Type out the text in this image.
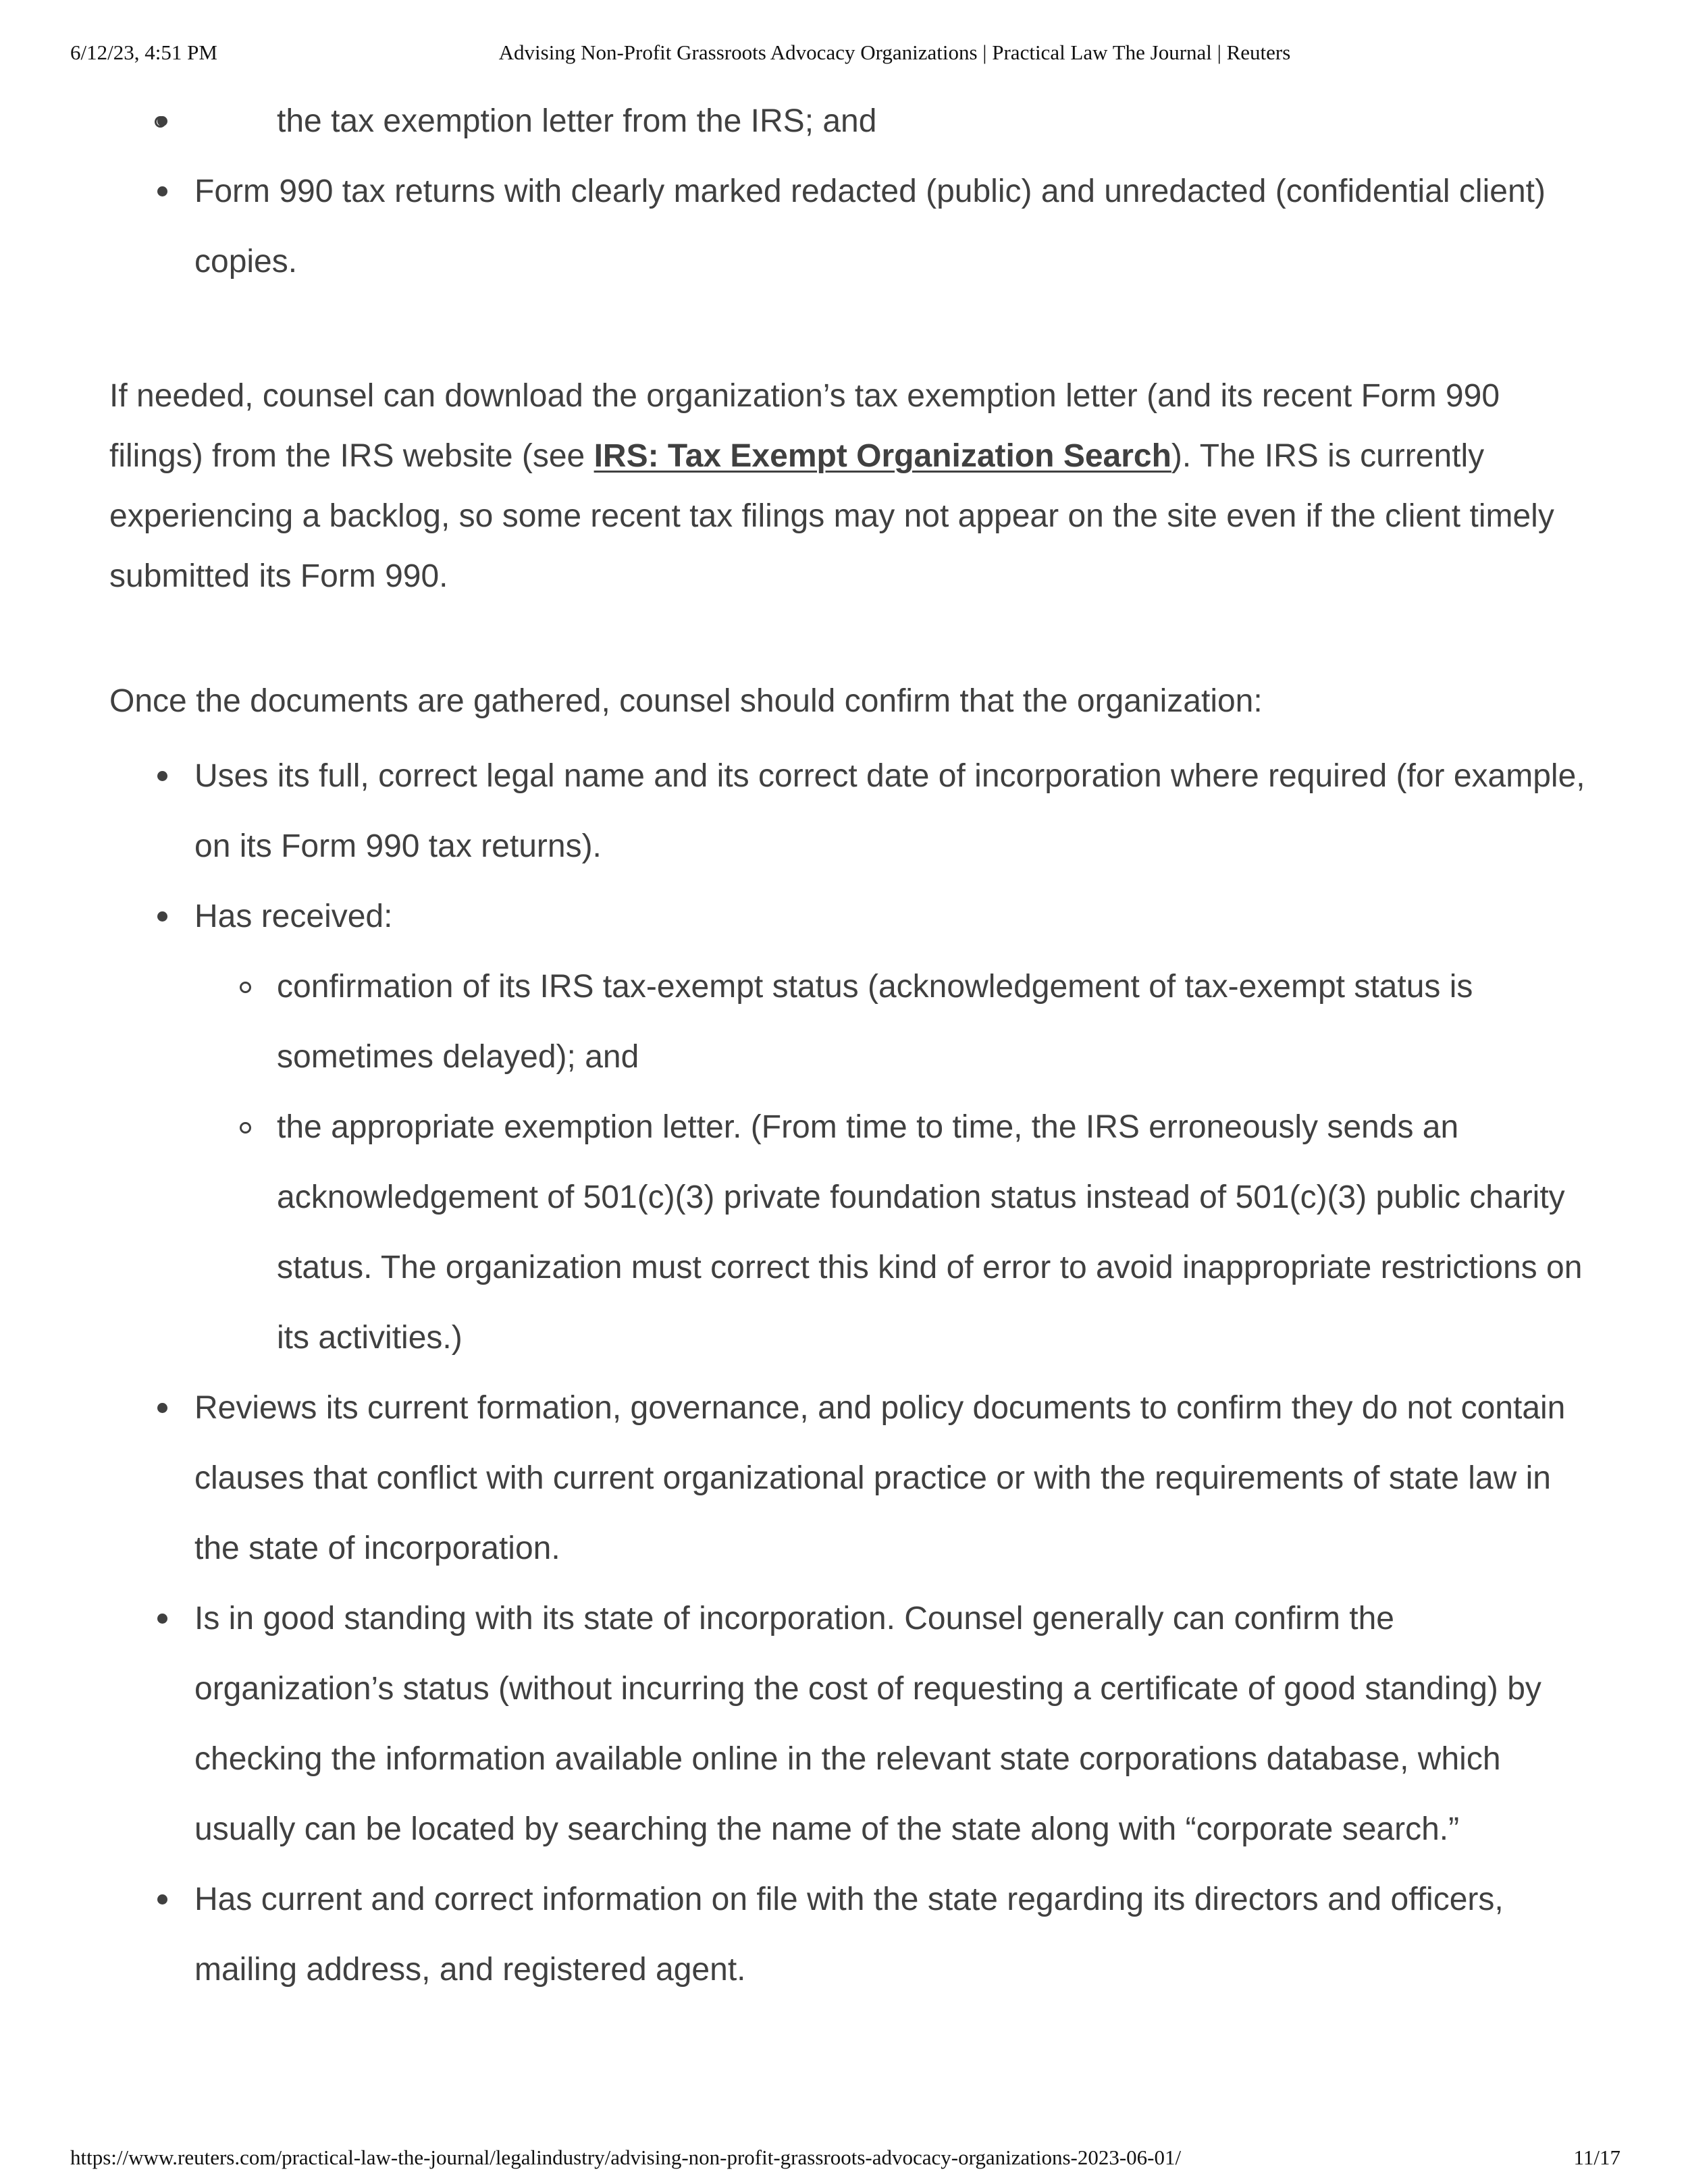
6/12/23, 4:51 PM	Advising Non-Profit Grassroots Advocacy Organizations | Practical Law The Journal | Reuters
the tax exemption letter from the IRS; and
Form 990 tax returns with clearly marked redacted (public) and unredacted (confidential client) copies.

If needed, counsel can download the organization’s tax exemption letter (and its recent Form 990 filings) from the IRS website (see IRS: Tax Exempt Organization Search). The IRS is currently experiencing a backlog, so some recent tax filings may not appear on the site even if the client timely submitted its Form 990.

Once the documents are gathered, counsel should confirm that the organization:

Uses its full, correct legal name and its correct date of incorporation where required (for example, on its Form 990 tax returns).
Has received:
confirmation of its IRS tax-exempt status (acknowledgement of tax-exempt status is sometimes delayed); and
the appropriate exemption letter. (From time to time, the IRS erroneously sends an acknowledgement of 501(c)(3) private foundation status instead of 501(c)(3) public charity status. The organization must correct this kind of error to avoid inappropriate restrictions on its activities.)
Reviews its current formation, governance, and policy documents to confirm they do not contain clauses that conflict with current organizational practice or with the requirements of state law in the state of incorporation.
Is in good standing with its state of incorporation. Counsel generally can confirm the organization’s status (without incurring the cost of requesting a certificate of good standing) by checking the information available online in the relevant state corporations database, which usually can be located by searching the name of the state along with “corporate search.”
Has current and correct information on file with the state regarding its directors and officers, mailing address, and registered agent.
https://www.reuters.com/practical-law-the-journal/legalindustry/advising-non-profit-grassroots-advocacy-organizations-2023-06-01/	11/17
